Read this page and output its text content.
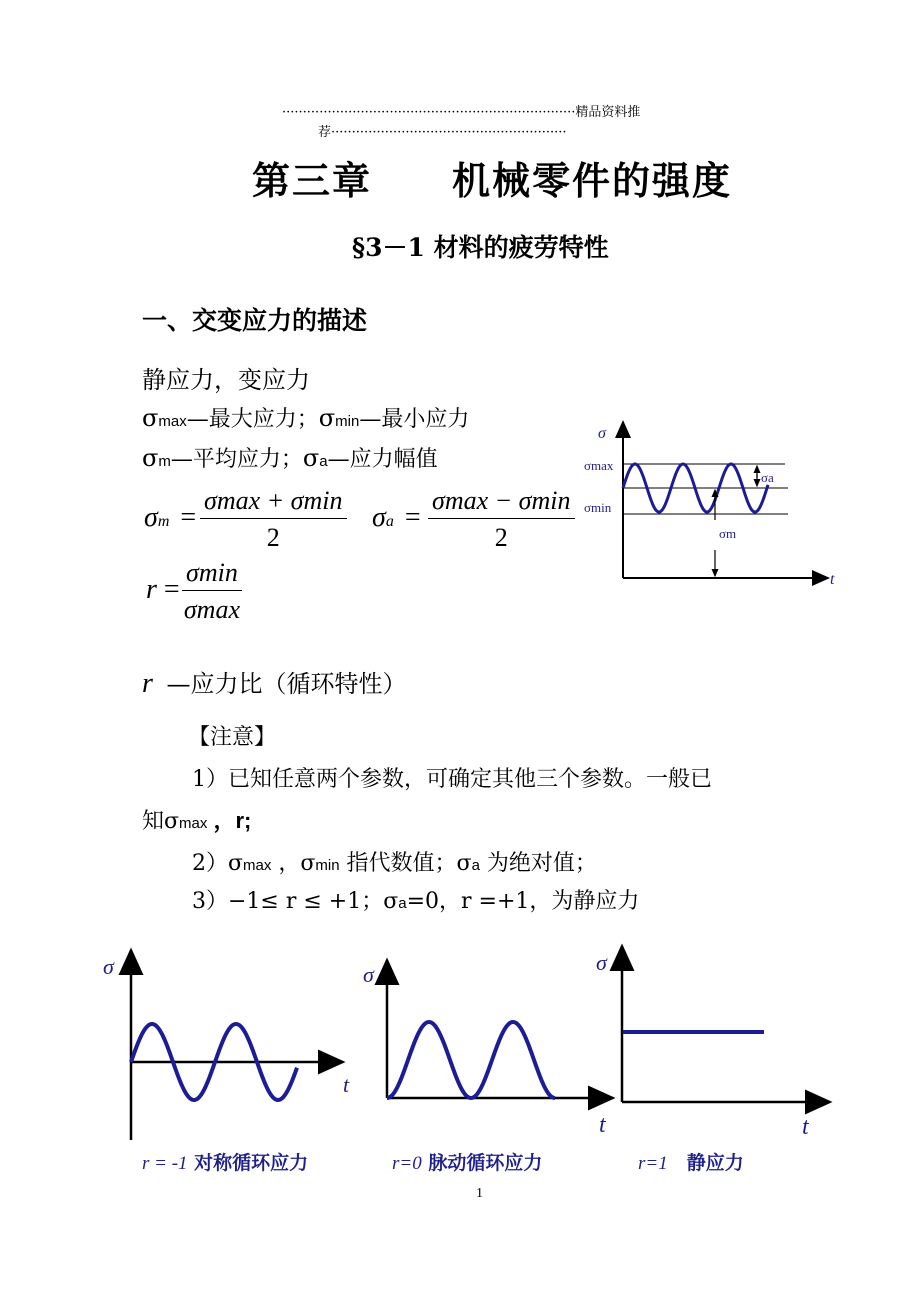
·······································································精品资料推
荐·························································
第三章　　机械零件的强度
§3－1 材料的疲劳特性
一、交变应力的描述
静应力，变应力
σmax—最大应力；σmin—最小应力
σm—平均应力；σa—应力幅值
σm =
σmax + σmin
2
σa =
σmax − σmin
2
r =
σmin
σmax
r —应力比（循环特性）
【注意】
1）已知任意两个参数，可确定其他三个参数。一般已
知σmax ，r;
2）σmax ，σmin 指代数值；σa 为绝对值；
3）−1≤ r ≤ +1；σa=0，r =+1，为静应力
σ
t
σmax
σmin
σa
σm
σ
t
σ
t
σ
t
r = -1 对称循环应力	r=0 脉动循环应力	r=1　静应力
1
